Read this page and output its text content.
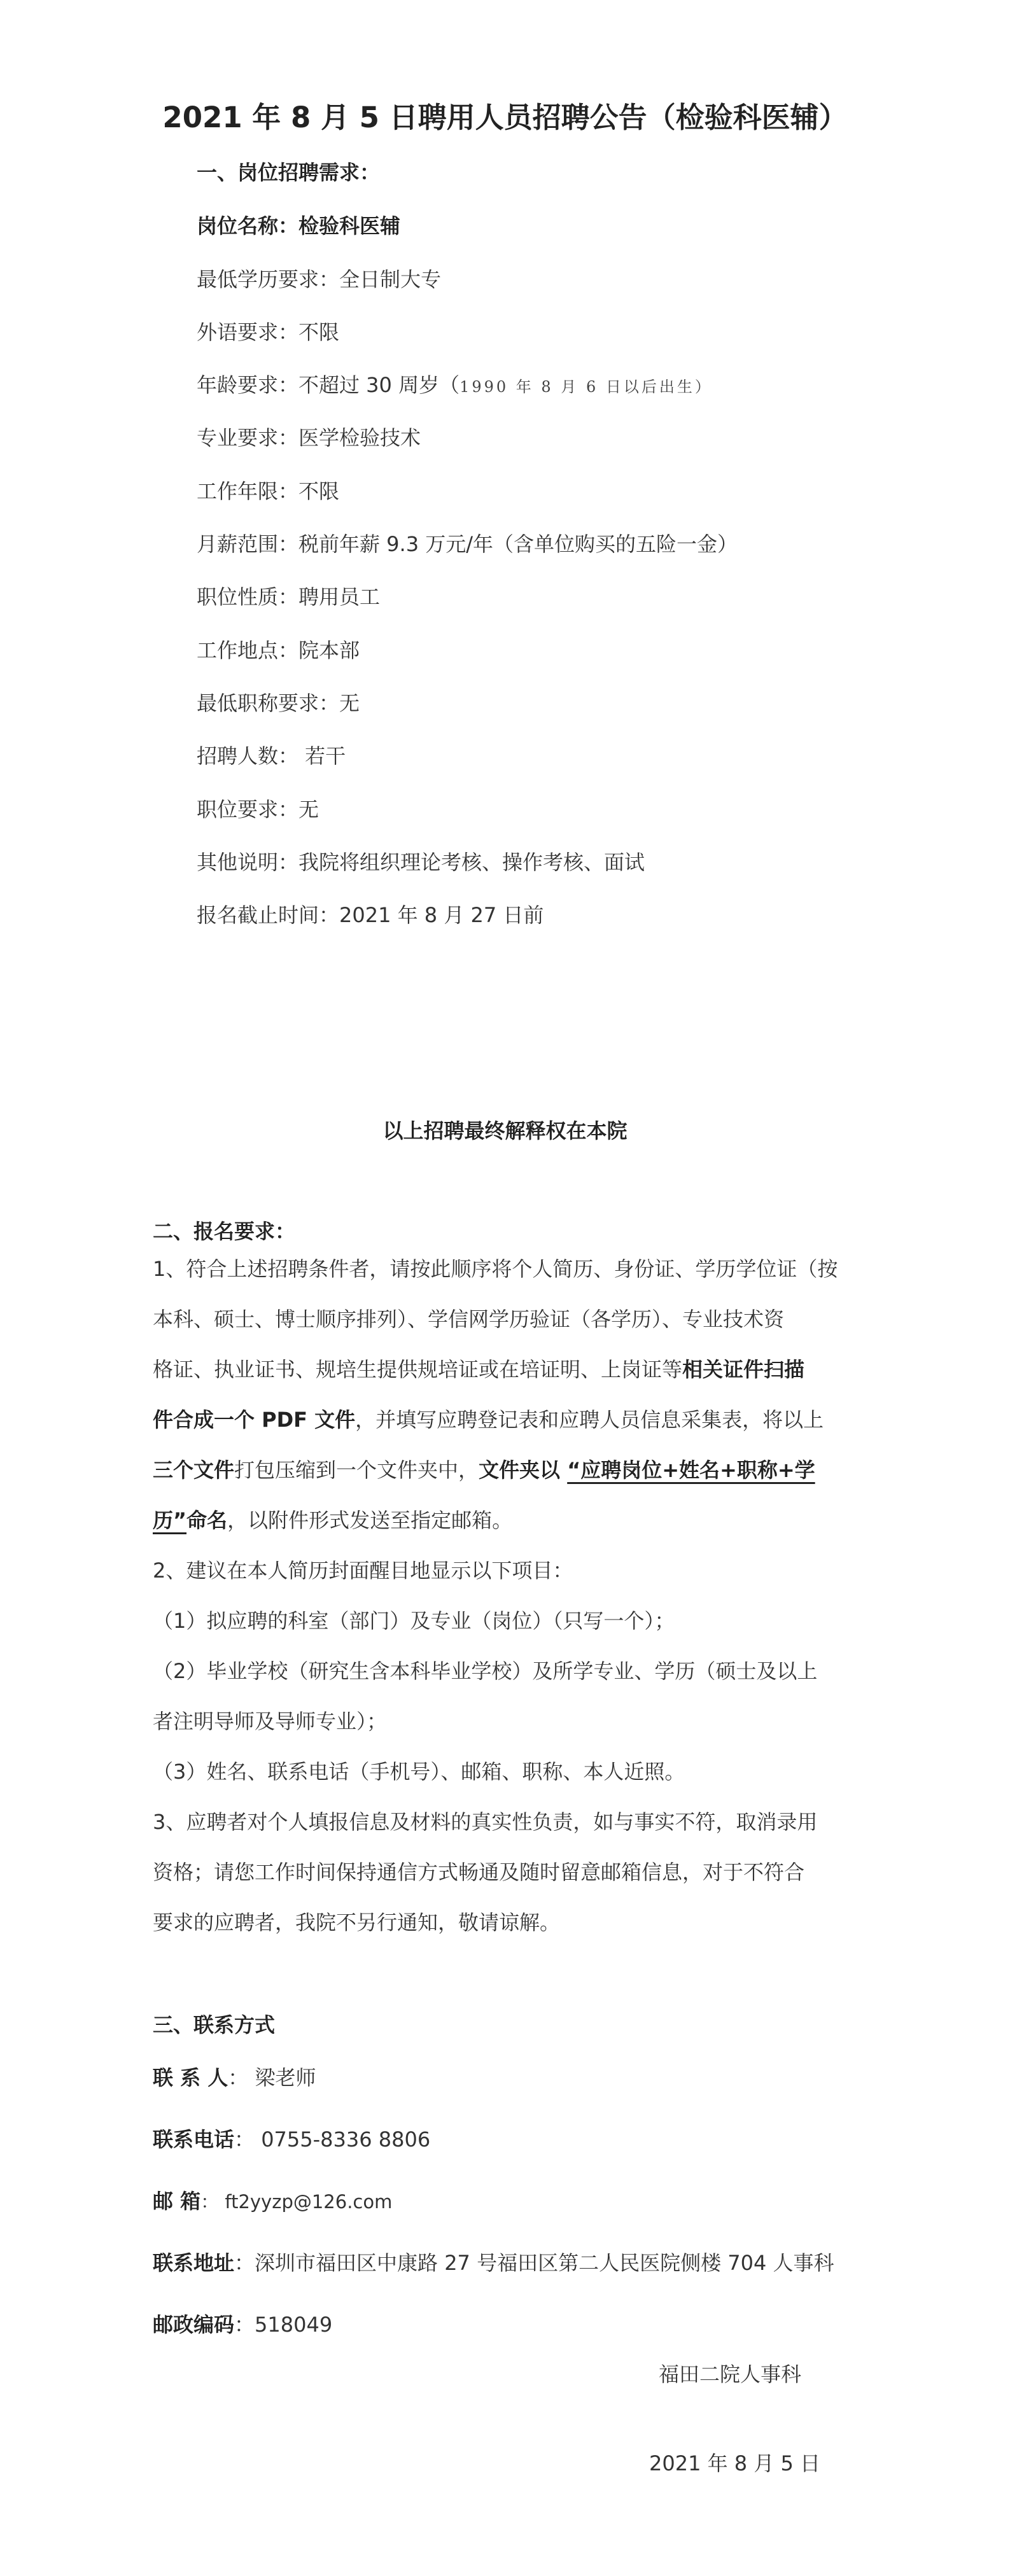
2021 年 8 月 5 日聘用人员招聘公告（检验科医辅）
一、岗位招聘需求：
岗位名称：检验科医辅
最低学历要求：全日制大专
外语要求：不限
年龄要求：不超过 30 周岁（1990 年 8 月 6 日以后出生）
专业要求：医学检验技术
工作年限：不限
月薪范围：税前年薪 9.3 万元/年（含单位购买的五险一金）
职位性质：聘用员工
工作地点：院本部
最低职称要求：无
招聘人数： 若干
职位要求：无
其他说明：我院将组织理论考核、操作考核、面试
报名截止时间：2021 年 8 月 27 日前
以上招聘最终解释权在本院
二、报名要求：
1、符合上述招聘条件者，请按此顺序将个人简历、身份证、学历学位证（按
本科、硕士、博士顺序排列）、学信网学历验证（各学历）、专业技术资
格证、执业证书、规培生提供规培证或在培证明、上岗证等相关证件扫描
件合成一个 PDF 文件，并填写应聘登记表和应聘人员信息采集表，将以上
三个文件打包压缩到一个文件夹中，文件夹以 “应聘岗位+姓名+职称+学
历”命名，以附件形式发送至指定邮箱。
2、建议在本人简历封面醒目地显示以下项目：
（1）拟应聘的科室（部门）及专业（岗位）（只写一个）；
（2）毕业学校（研究生含本科毕业学校）及所学专业、学历（硕士及以上
者注明导师及导师专业）；
（3）姓名、联系电话（手机号）、邮箱、职称、本人近照。
3、应聘者对个人填报信息及材料的真实性负责，如与事实不符，取消录用
资格；请您工作时间保持通信方式畅通及随时留意邮箱信息，对于不符合
要求的应聘者，我院不另行通知，敬请谅解。
三、联系方式
联 系 人： 梁老师
联系电话： 0755-8336 8806
邮 箱： ft2yyzp@126.com
联系地址：深圳市福田区中康路 27 号福田区第二人民医院侧楼 704 人事科
邮政编码：518049
福田二院人事科
2021 年 8 月 5 日
